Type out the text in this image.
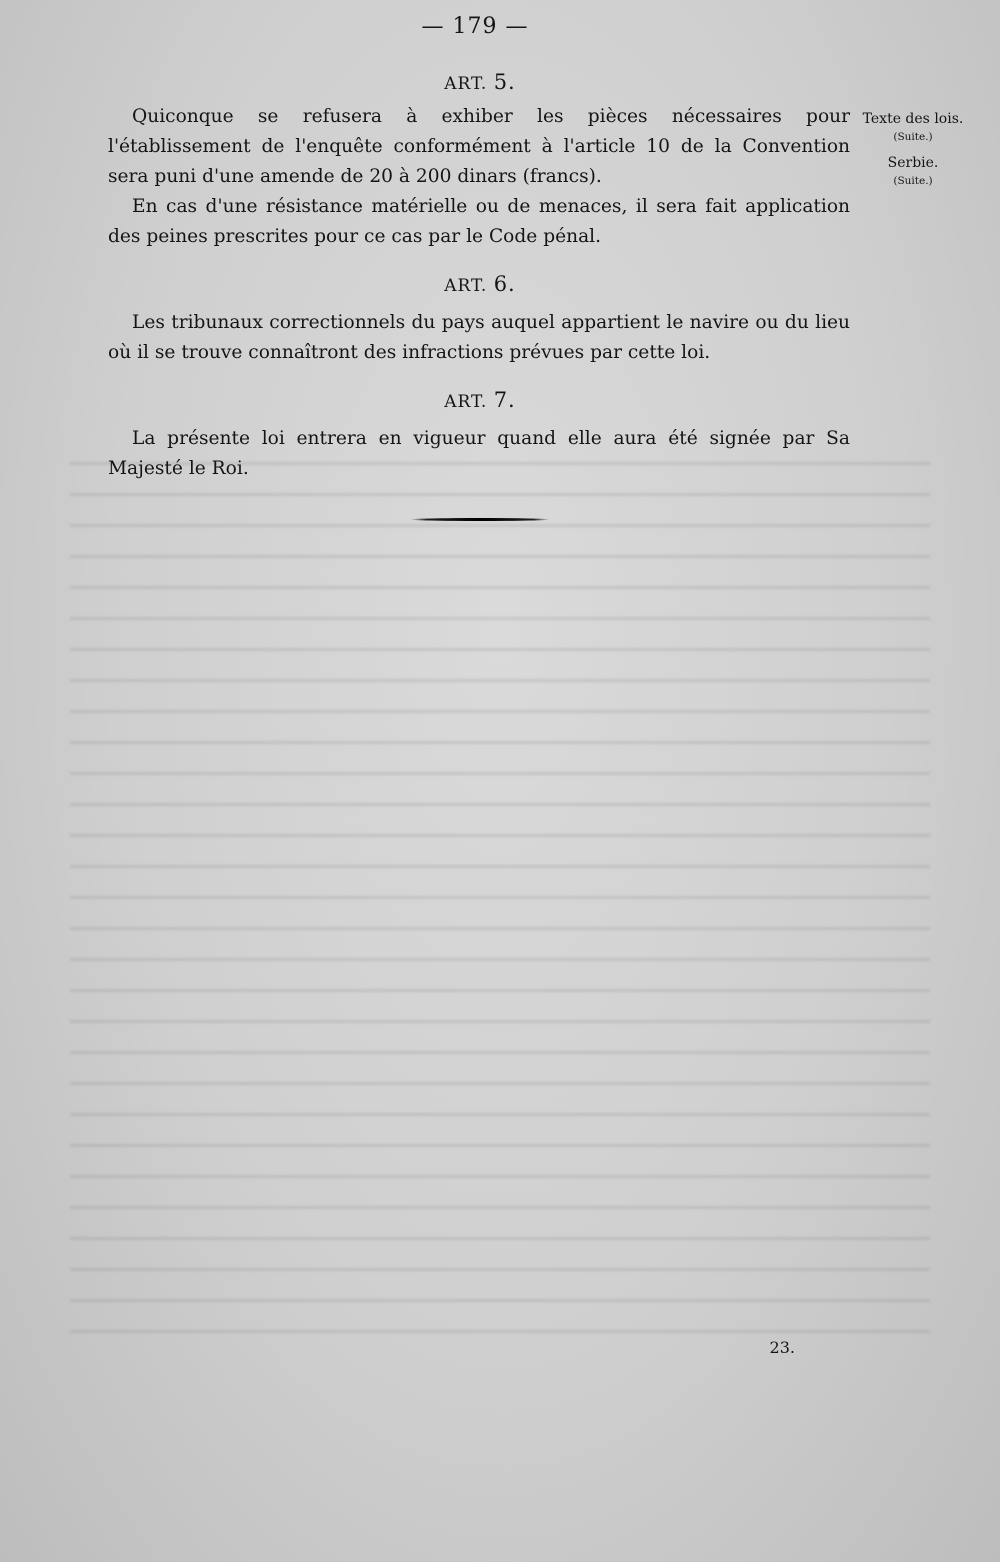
— 179 —
Texte des lois.
(Suite.)
Serbie.
(Suite.)
ART. 5.

Quiconque se refusera à exhiber les pièces nécessaires pour l'établissement de l'enquête conformément à l'article 10 de la Convention sera puni d'une amende de 20 à 200 dinars (francs).

En cas d'une résistance matérielle ou de menaces, il sera fait application des peines prescrites pour ce cas par le Code pénal.

ART. 6.

Les tribunaux correctionnels du pays auquel appartient le navire ou du lieu où il se trouve connaîtront des infractions prévues par cette loi.

ART. 7.

La présente loi entrera en vigueur quand elle aura été signée par Sa Majesté le Roi.

23.
